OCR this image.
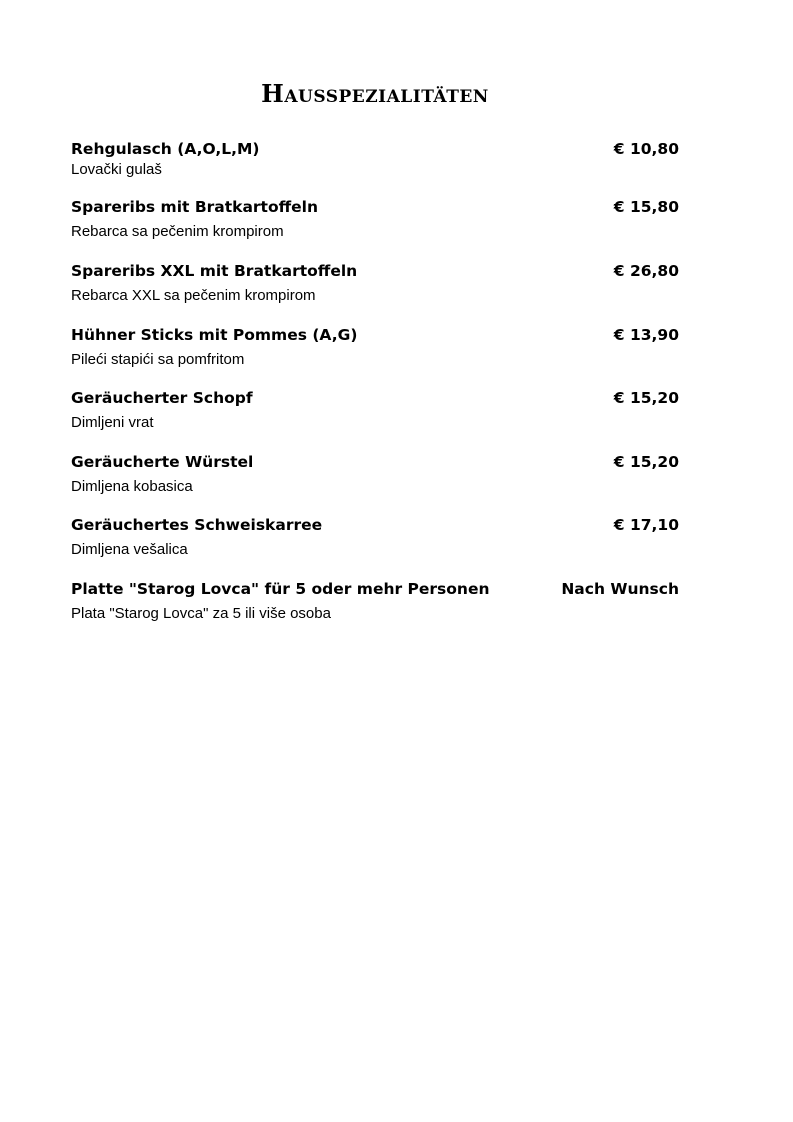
Hausspezialitäten
Rehgulasch (A,O,L,M)	€ 10,80
Lovački gulaš
Spareribs mit Bratkartoffeln	€ 15,80
Rebarca sa pečenim krompirom
Spareribs XXL mit Bratkartoffeln	€ 26,80
Rebarca XXL sa pečenim krompirom
Hühner Sticks mit Pommes (A,G)	€ 13,90
Pileći stapići sa pomfritom
Geräucherter Schopf	€ 15,20
Dimljeni vrat
Geräucherte Würstel	€ 15,20
Dimljena kobasica
Geräuchertes Schweiskarree	€ 17,10
Dimljena vešalica
Platte "Starog Lovca" für 5 oder mehr Personen	Nach Wunsch
Plata "Starog Lovca" za 5 ili više osoba
